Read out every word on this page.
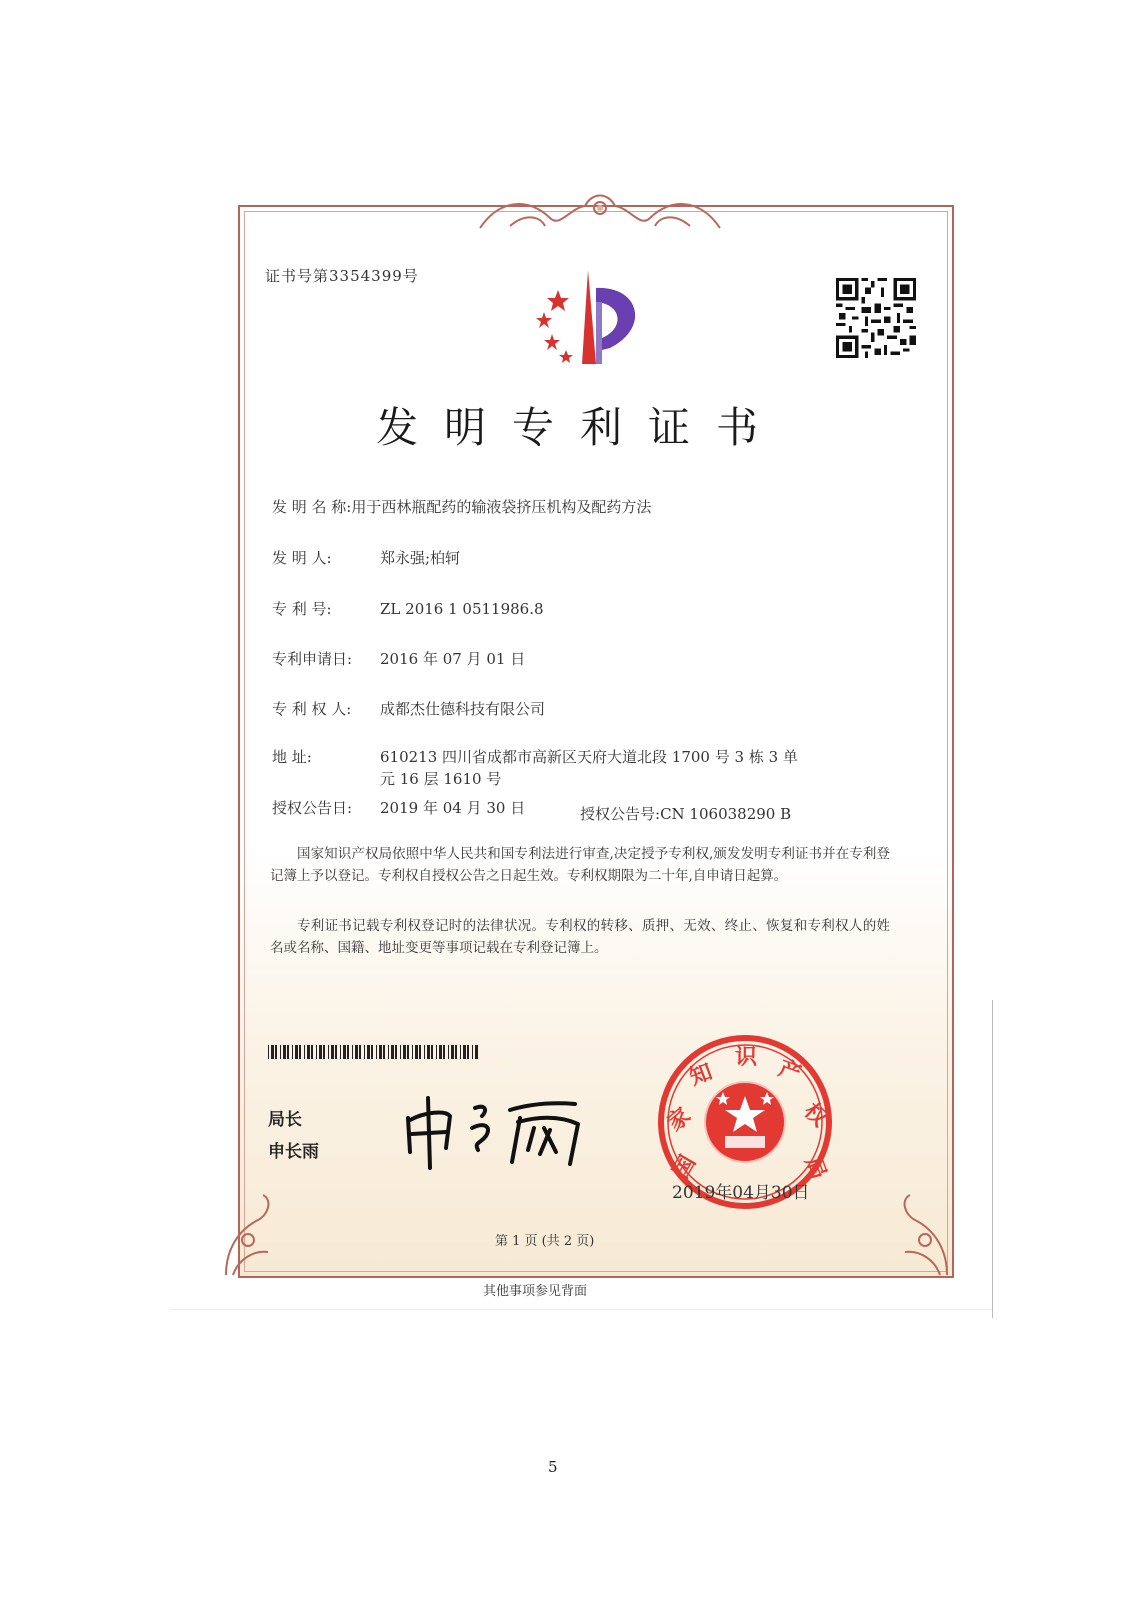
证书号第3354399号
发明专利证书
发 明 名 称:用于西林瓶配药的输液袋挤压机构及配药方法
发 明 人:	郑永强;柏轲
专 利 号:	ZL 2016 1 0511986.8
专利申请日: 2016 年 07 月 01 日
专 利 权 人: 成都杰仕德科技有限公司
地 址:	610213 四川省成都市高新区天府大道北段 1700 号 3 栋 3 单
元 16 层 1610 号
授权公告日: 2019 年 04 月 30 日	授权公告号:CN 106038290 B
国家知识产权局依照中华人民共和国专利法进行审查,决定授予专利权,颁发发明专利证书并在专利登记簿上予以登记。专利权自授权公告之日起生效。专利权期限为二十年,自申请日起算。
专利证书记载专利权登记时的法律状况。专利权的转移、质押、无效、终止、恢复和专利权人的姓名或名称、国籍、地址变更等事项记载在专利登记簿上。
局长
申长雨	国
家
知
识 产
权
局
2019年04月30日
第 1 页 (共 2 页)
其他事项参见背面
5
